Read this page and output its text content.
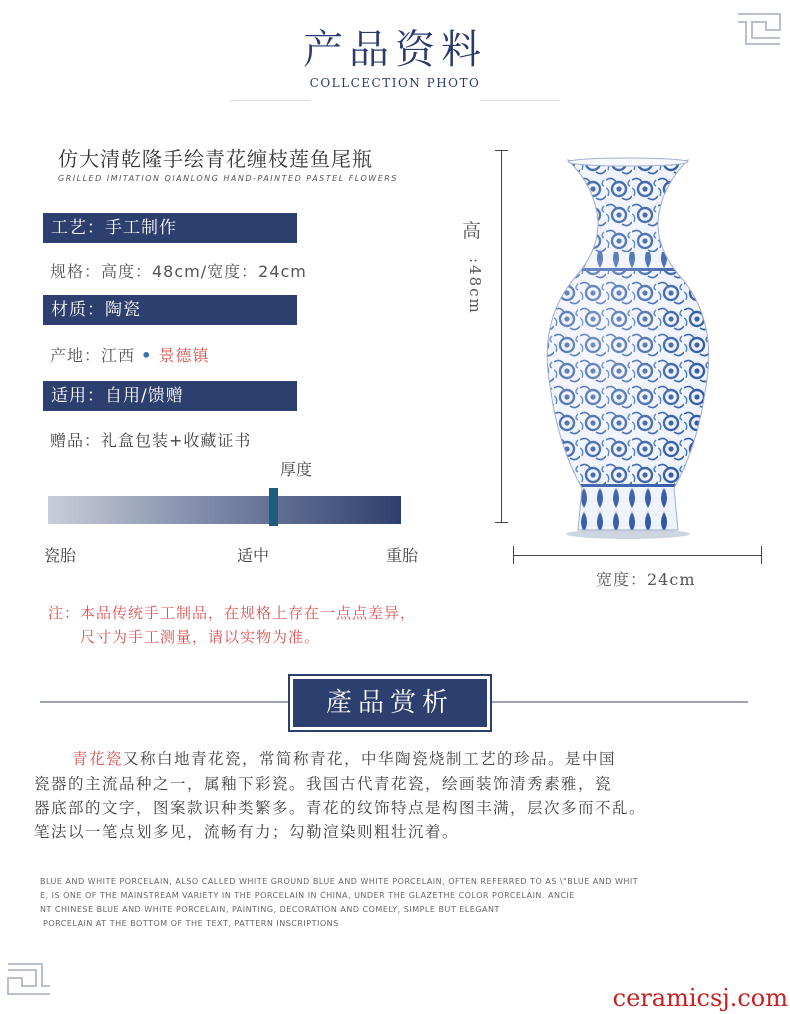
产品资料
COLLCECTION PHOTO
仿大清乾隆手绘青花缠枝莲鱼尾瓶
GRILLED IMITATION QIANLONG HAND-PAINTED PASTEL FLOWERS
工艺：手工制作
规格：高度：48cm/宽度：24cm
材质：陶瓷
产地：江西 • 景德镇
适用：自用/馈赠
赠品：礼盒包装+收藏证书
厚度
瓷胎	适中	重胎
注：本品传统手工制品，在规格上存在一点点差异，
尺寸为手工测量，请以实物为准。
高
:48cm
宽度：24cm
產品赏析
青花瓷又称白地青花瓷，常简称青花，中华陶瓷烧制工艺的珍品。是中国
瓷器的主流品种之一，属釉下彩瓷。我国古代青花瓷，绘画装饰清秀素雅，瓷
器底部的文字，图案款识种类繁多。青花的纹饰特点是构图丰满，层次多而不乱。
笔法以一笔点划多见，流畅有力；勾勒渲染则粗壮沉着。
BLUE AND WHITE PORCELAIN, ALSO CALLED WHITE GROUND BLUE AND WHITE PORCELAIN, OFTEN REFERRED TO AS \"BLUE AND WHIT
E, IS ONE OF THE MAINSTREAM VARIETY IN THE PORCELAIN IN CHINA, UNDER THE GLAZETHE COLOR PORCELAIN. ANCIE
NT CHINESE BLUE AND WHITE PORCELAIN, PAINTING, DECORATION AND COMELY, SIMPLE BUT ELEGANT
PORCELAIN AT THE BOTTOM OF THE TEXT, PATTERN INSCRIPTIONS
ceramicsj.com
